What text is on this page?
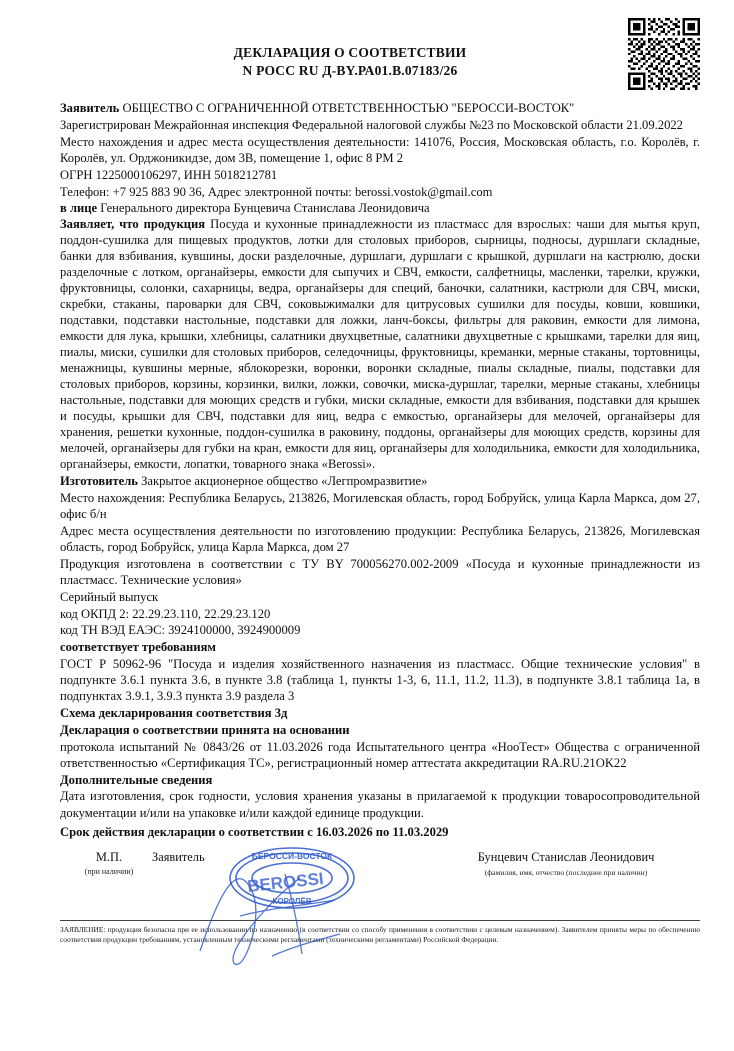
ДЕКЛАРАЦИЯ О СООТВЕТСТВИИ
N РОСС RU Д-BY.РА01.В.07183/26

Заявитель ОБЩЕСТВО С ОГРАНИЧЕННОЙ ОТВЕТСТВЕННОСТЬЮ "БЕРОССИ-ВОСТОК"

Зарегистрирован Межрайонная инспекция Федеральной налоговой службы №23 по Московской области 21.09.2022

Место нахождения и адрес места осуществления деятельности: 141076, Россия, Московская область, г.о. Королёв, г. Королёв, ул. Орджоникидзе, дом 3В, помещение 1, офис 8 РМ 2

ОГРН 1225000106297, ИНН 5018212781

Телефон: +7 925 883 90 36, Адрес электронной почты: berossi.vostok@gmail.com

в лице Генерального директора Бунцевича Станислава Леонидовича

Заявляет, что продукция Посуда и кухонные принадлежности из пластмасс для взрослых: чаши для мытья круп, поддон-сушилка для пищевых продуктов, лотки для столовых приборов, сырницы, подносы, дуршлаги складные, банки для взбивания, кувшины, доски разделочные, дуршлаги, дуршлаги с крышкой, дуршлаги на кастрюлю, доски разделочные с лотком, органайзеры, емкости для сыпучих и СВЧ, емкости, салфетницы, масленки, тарелки, кружки, фруктовницы, солонки, сахарницы, ведра, органайзеры для специй, баночки, салатники, кастрюли для СВЧ, миски, скребки, стаканы, пароварки для СВЧ, соковыжималки для цитрусовых сушилки для посуды, ковши, ковшики, подставки, подставки настольные, подставки для ложки, ланч-боксы, фильтры для раковин, емкости для лимона, емкости для лука, крышки, хлебницы, салатники двухцветные, салатники двухцветные с крышками, тарелки для яиц, пиалы, миски, сушилки для столовых приборов, селедочницы, фруктовницы, креманки, мерные стаканы, тортовницы, менажницы, кувшины мерные, яблокорезки, воронки, воронки складные, пиалы складные, пиалы, подставки для столовых приборов, корзины, корзинки, вилки, ложки, совочки, миска-дуршлаг, тарелки, мерные стаканы, хлебницы настольные, подставки для моющих средств и губки, миски складные, емкости для взбивания, подставки для крышек и посуды, крышки для СВЧ, подставки для яиц, ведра с емкостью, органайзеры для мелочей, органайзеры для хранения, решетки кухонные, поддон-сушилка в раковину, поддоны, органайзеры для моющих средств, корзины для мелочей, органайзеры для губки на кран, емкости для яиц, органайзеры для холодильника, емкости для холодильника, органайзеры, емкости, лопатки, товарного знака «Berossi».

Изготовитель Закрытое акционерное общество «Легпромразвитие»

Место нахождения: Республика Беларусь, 213826, Могилевская область, город Бобруйск, улица Карла Маркса, дом 27, офис б/н

Адрес места осуществления деятельности по изготовлению продукции: Республика Беларусь, 213826, Могилевская область, город Бобруйск, улица Карла Маркса, дом 27

Продукция изготовлена в соответствии с ТУ BY 700056270.002-2009 «Посуда и кухонные принадлежности из пластмасс. Технические условия»

Серийный выпуск

код ОКПД 2: 22.29.23.110, 22.29.23.120

код ТН ВЭД ЕАЭС: 3924100000, 3924900009

соответствует требованиям

ГОСТ Р 50962-96 "Посуда и изделия хозяйственного назначения из пластмасс. Общие технические условия" в подпункте 3.6.1 пункта 3.6, в пункте 3.8 (таблица 1, пункты 1-3, 6, 11.1, 11.2, 11.3), в подпункте 3.8.1 таблица 1а, в подпунктах 3.9.1, 3.9.3 пункта 3.9 раздела 3

Схема декларирования соответствия 3д

Декларация о соответствии принята на основании

протокола испытаний № 0843/26 от 11.03.2026 года Испытательного центра «НооТест» Общества с ограниченной ответственностью «Сертификация ТС», регистрационный номер аттестата аккредитации RA.RU.21OK22

Дополнительные сведения

Дата изготовления, срок годности, условия хранения указаны в прилагаемой к продукции товаросопроводительной документации и/или на упаковке и/или каждой единице продукции.

Срок действия декларации о соответствии с 16.03.2026 по 11.03.2029

М.П.
(при наличии)
Заявитель	Бунцевич Станислав Леонидович
(фамилия, имя, отчество (последнее при наличии)
БЕРОССИ-ВОСТОК
BEROSSI
КОРОЛЁВ
ЗАЯВЛЕНИЕ: продукция безопасна при ее использовании по назначению (в соответствии со способу применения в соответствии с целевым назначением). Заявителем приняты меры по обеспечению соответствия продукции требованиям, установленным техническими регламентами (техническими регламентами) Российской Федерации.
